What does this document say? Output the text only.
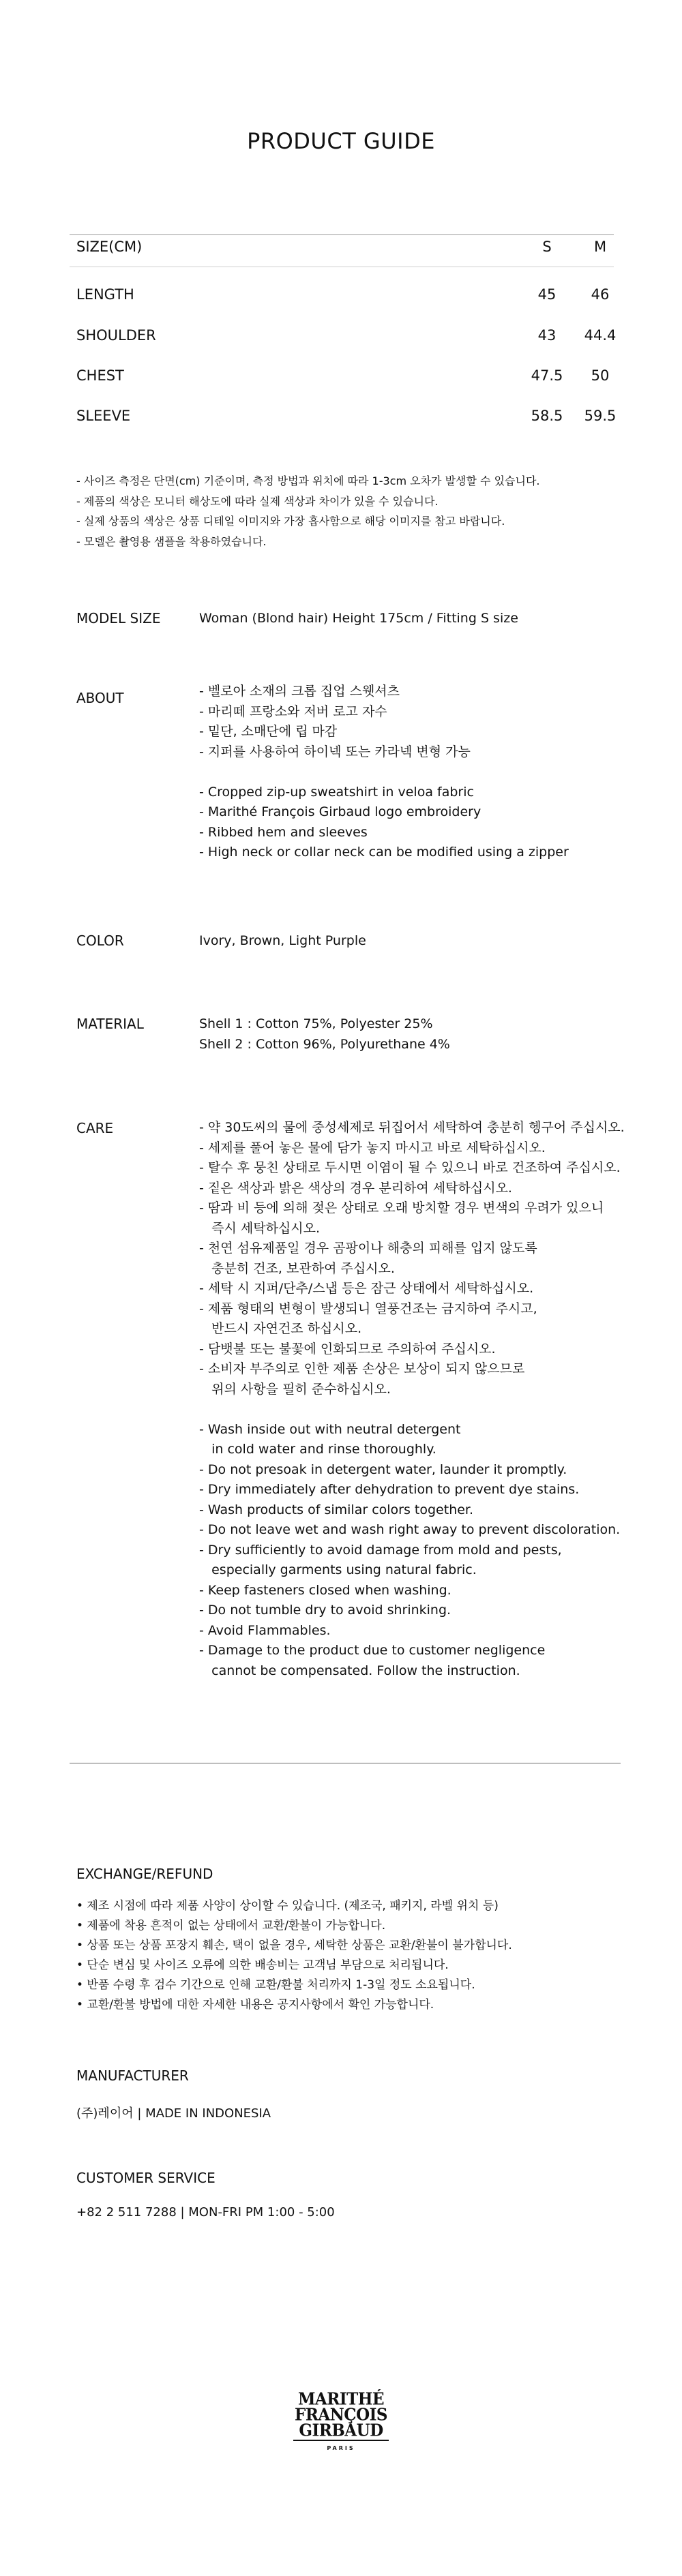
PRODUCT GUIDE
SIZE(CM)	S	M
LENGTH	45	46
SHOULDER	43	44.4
CHEST	47.5	50
SLEEVE	58.5	59.5
- 사이즈 측정은 단면(cm) 기준이며, 측정 방법과 위치에 따라 1-3cm 오차가 발생할 수 있습니다.
- 제품의 색상은 모니터 해상도에 따라 실제 색상과 차이가 있을 수 있습니다.
- 실제 상품의 색상은 상품 디테일 이미지와 가장 흡사함으로 해당 이미지를 참고 바랍니다.
- 모델은 촬영용 샘플을 착용하였습니다.
MODEL SIZE	Woman (Blond hair) Height 175cm / Fitting S size
ABOUT	- 벨로아 소재의 크롭 집업 스웻셔츠
- 마리떼 프랑소와 저버 로고 자수
- 밑단, 소매단에 립 마감
- 지퍼를 사용하여 하이넥 또는 카라넥 변형 가능

- Cropped zip-up sweatshirt in veloa fabric
- Marithé François Girbaud logo embroidery
- Ribbed hem and sleeves
- High neck or collar neck can be modified using a zipper
COLOR	Ivory, Brown, Light Purple
MATERIAL	Shell 1 : Cotton 75%, Polyester 25%
Shell 2 : Cotton 96%, Polyurethane 4%
CARE	- 약 30도씨의 물에 중성세제로 뒤집어서 세탁하여 충분히 헹구어 주십시오.
- 세제를 풀어 놓은 물에 담가 놓지 마시고 바로 세탁하십시오.
- 탈수 후 뭉친 상태로 두시면 이염이 될 수 있으니 바로 건조하여 주십시오.
- 짙은 색상과 밝은 색상의 경우 분리하여 세탁하십시오.
- 땀과 비 등에 의해 젖은 상태로 오래 방치할 경우 변색의 우려가 있으니
즉시 세탁하십시오.
- 천연 섬유제품일 경우 곰팡이나 해충의 피해를 입지 않도록
충분히 건조, 보관하여 주십시오.
- 세탁 시 지퍼/단추/스냅 등은 잠근 상태에서 세탁하십시오.
- 제품 형태의 변형이 발생되니 열풍건조는 금지하여 주시고,
반드시 자연건조 하십시오.
- 담뱃불 또는 불꽃에 인화되므로 주의하여 주십시오.
- 소비자 부주의로 인한 제품 손상은 보상이 되지 않으므로
위의 사항을 필히 준수하십시오.

- Wash inside out with neutral detergent
in cold water and rinse thoroughly.
- Do not presoak in detergent water, launder it promptly.
- Dry immediately after dehydration to prevent dye stains.
- Wash products of similar colors together.
- Do not leave wet and wash right away to prevent discoloration.
- Dry sufficiently to avoid damage from mold and pests,
especially garments using natural fabric.
- Keep fasteners closed when washing.
- Do not tumble dry to avoid shrinking.
- Avoid Flammables.
- Damage to the product due to customer negligence
cannot be compensated. Follow the instruction.
EXCHANGE/REFUND
• 제조 시점에 따라 제품 사양이 상이할 수 있습니다. (제조국, 패키지, 라벨 위치 등)
• 제품에 착용 흔적이 없는 상태에서 교환/환불이 가능합니다.
• 상품 또는 상품 포장지 훼손, 택이 없을 경우, 세탁한 상품은 교환/환불이 불가합니다.
• 단순 변심 및 사이즈 오류에 의한 배송비는 고객님 부담으로 처리됩니다.
• 반품 수령 후 검수 기간으로 인해 교환/환불 처리까지 1-3일 정도 소요됩니다.
• 교환/환불 방법에 대한 자세한 내용은 공지사항에서 확인 가능합니다.
MANUFACTURER
(주)레이어 | MADE IN INDONESIA
CUSTOMER SERVICE
+82 2 511 7288 | MON-FRI PM 1:00 - 5:00
MARITHÉ
FRANÇOIS
GIRBAUD
PARIS
